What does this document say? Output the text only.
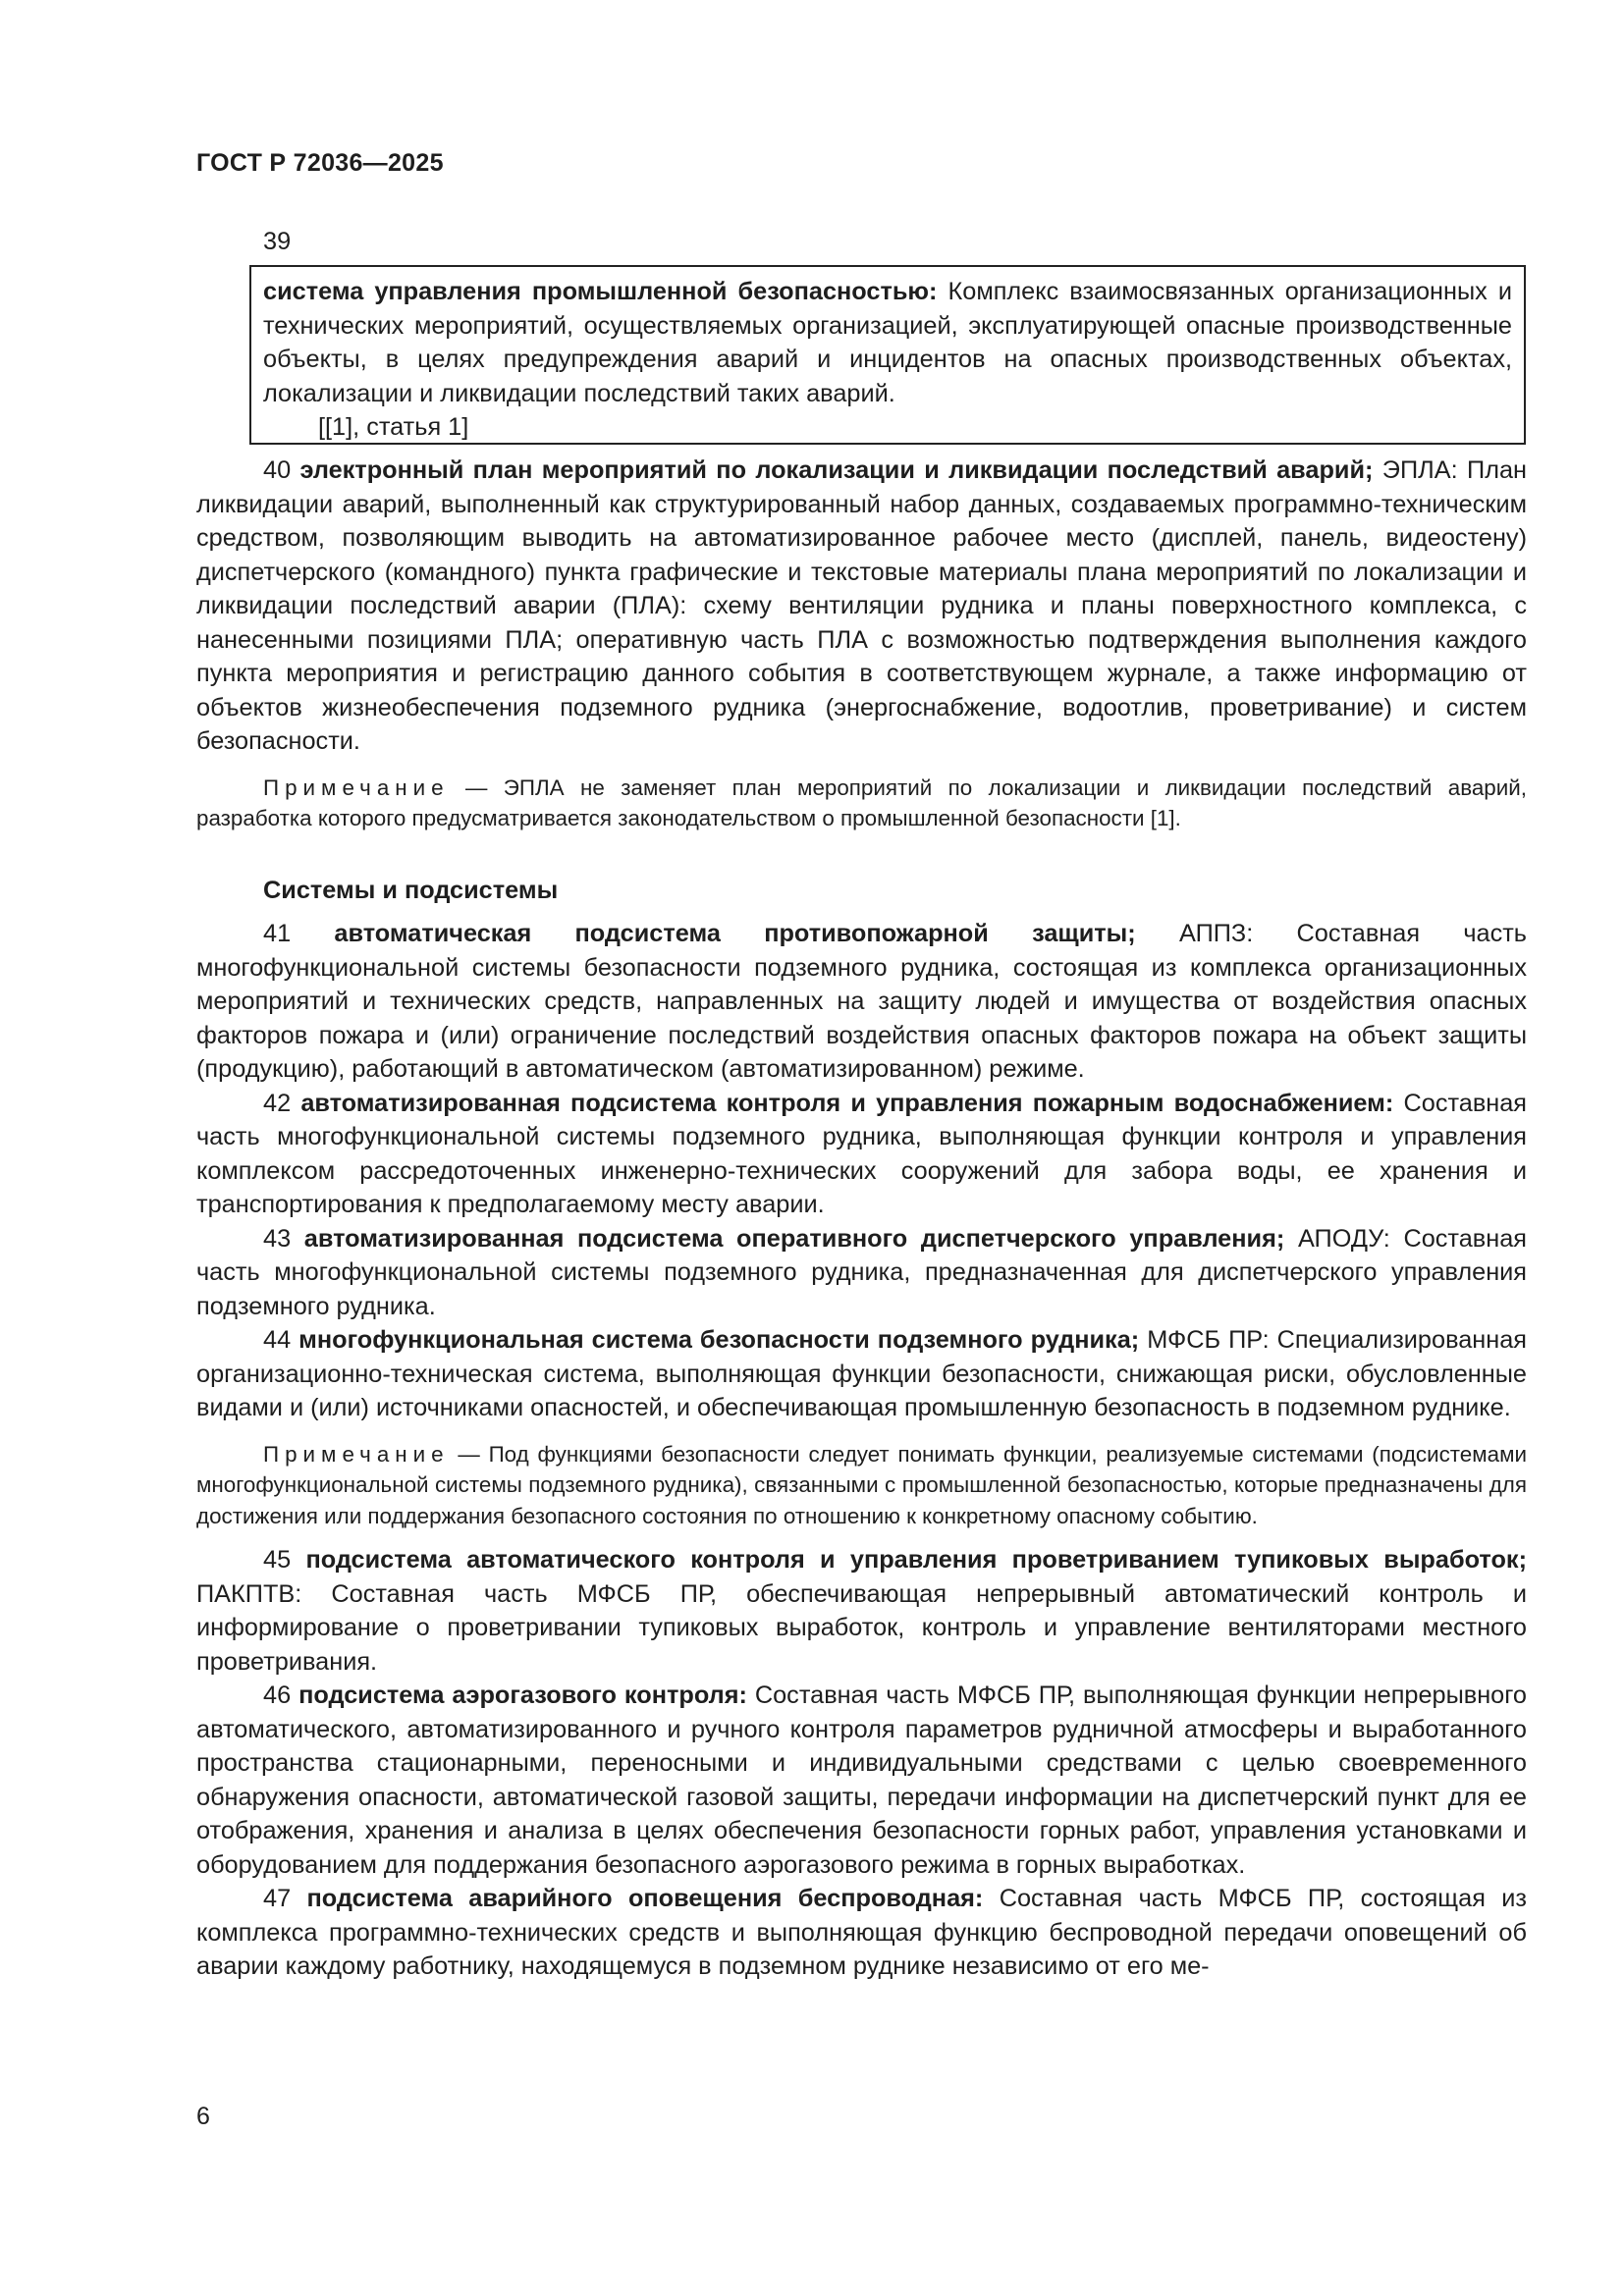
ГОСТ Р 72036—2025
39

система управления промышленной безопасностью: Комплекс взаимосвязанных организационных и технических мероприятий, осуществляемых организацией, эксплуатирующей опасные производственные объекты, в целях предупреждения аварий и инцидентов на опасных производственных объектах, локализации и ликвидации последствий таких аварий.

[[1], статья 1]

40 электронный план мероприятий по локализации и ликвидации последствий аварий; ЭПЛА: План ликвидации аварий, выполненный как структурированный набор данных, создаваемых программно-техническим средством, позволяющим выводить на автоматизированное рабочее место (дисплей, панель, видеостену) диспетчерского (командного) пункта графические и текстовые материалы плана мероприятий по локализации и ликвидации последствий аварии (ПЛА): схему вентиляции рудника и планы поверхностного комплекса, с нанесенными позициями ПЛА; оперативную часть ПЛА с возможностью подтверждения выполнения каждого пункта мероприятия и регистрацию данного события в соответствующем журнале, а также информацию от объектов жизнеобеспечения подземного рудника (энергоснабжение, водоотлив, проветривание) и систем безопасности.

Примечание — ЭПЛА не заменяет план мероприятий по локализации и ликвидации последствий аварий, разработка которого предусматривается законодательством о промышленной безопасности [1].

Системы и подсистемы

41 автоматическая подсистема противопожарной защиты; АППЗ: Составная часть многофункциональной системы безопасности подземного рудника, состоящая из комплекса организационных мероприятий и технических средств, направленных на защиту людей и имущества от воздействия опасных факторов пожара и (или) ограничение последствий воздействия опасных факторов пожара на объект защиты (продукцию), работающий в автоматическом (автоматизированном) режиме.

42 автоматизированная подсистема контроля и управления пожарным водоснабжением: Составная часть многофункциональной системы подземного рудника, выполняющая функции контроля и управления комплексом рассредоточенных инженерно-технических сооружений для забора воды, ее хранения и транспортирования к предполагаемому месту аварии.

43 автоматизированная подсистема оперативного диспетчерского управления; АПОДУ: Составная часть многофункциональной системы подземного рудника, предназначенная для диспетчерского управления подземного рудника.

44 многофункциональная система безопасности подземного рудника; МФСБ ПР: Специализированная организационно-техническая система, выполняющая функции безопасности, снижающая риски, обусловленные видами и (или) источниками опасностей, и обеспечивающая промышленную безопасность в подземном руднике.

Примечание — Под функциями безопасности следует понимать функции, реализуемые системами (подсистемами многофункциональной системы подземного рудника), связанными с промышленной безопасностью, которые предназначены для достижения или поддержания безопасного состояния по отношению к конкретному опасному событию.

45 подсистема автоматического контроля и управления проветриванием тупиковых выработок; ПАКПТВ: Составная часть МФСБ ПР, обеспечивающая непрерывный автоматический контроль и информирование о проветривании тупиковых выработок, контроль и управление вентиляторами местного проветривания.

46 подсистема аэрогазового контроля: Составная часть МФСБ ПР, выполняющая функции непрерывного автоматического, автоматизированного и ручного контроля параметров рудничной атмосферы и выработанного пространства стационарными, переносными и индивидуальными средствами с целью своевременного обнаружения опасности, автоматической газовой защиты, передачи информации на диспетчерский пункт для ее отображения, хранения и анализа в целях обеспечения безопасности горных работ, управления установками и оборудованием для поддержания безопасного аэрогазового режима в горных выработках.

47 подсистема аварийного оповещения беспроводная: Составная часть МФСБ ПР, состоящая из комплекса программно-технических средств и выполняющая функцию беспроводной передачи оповещений об аварии каждому работнику, находящемуся в подземном руднике независимо от его ме-

6
